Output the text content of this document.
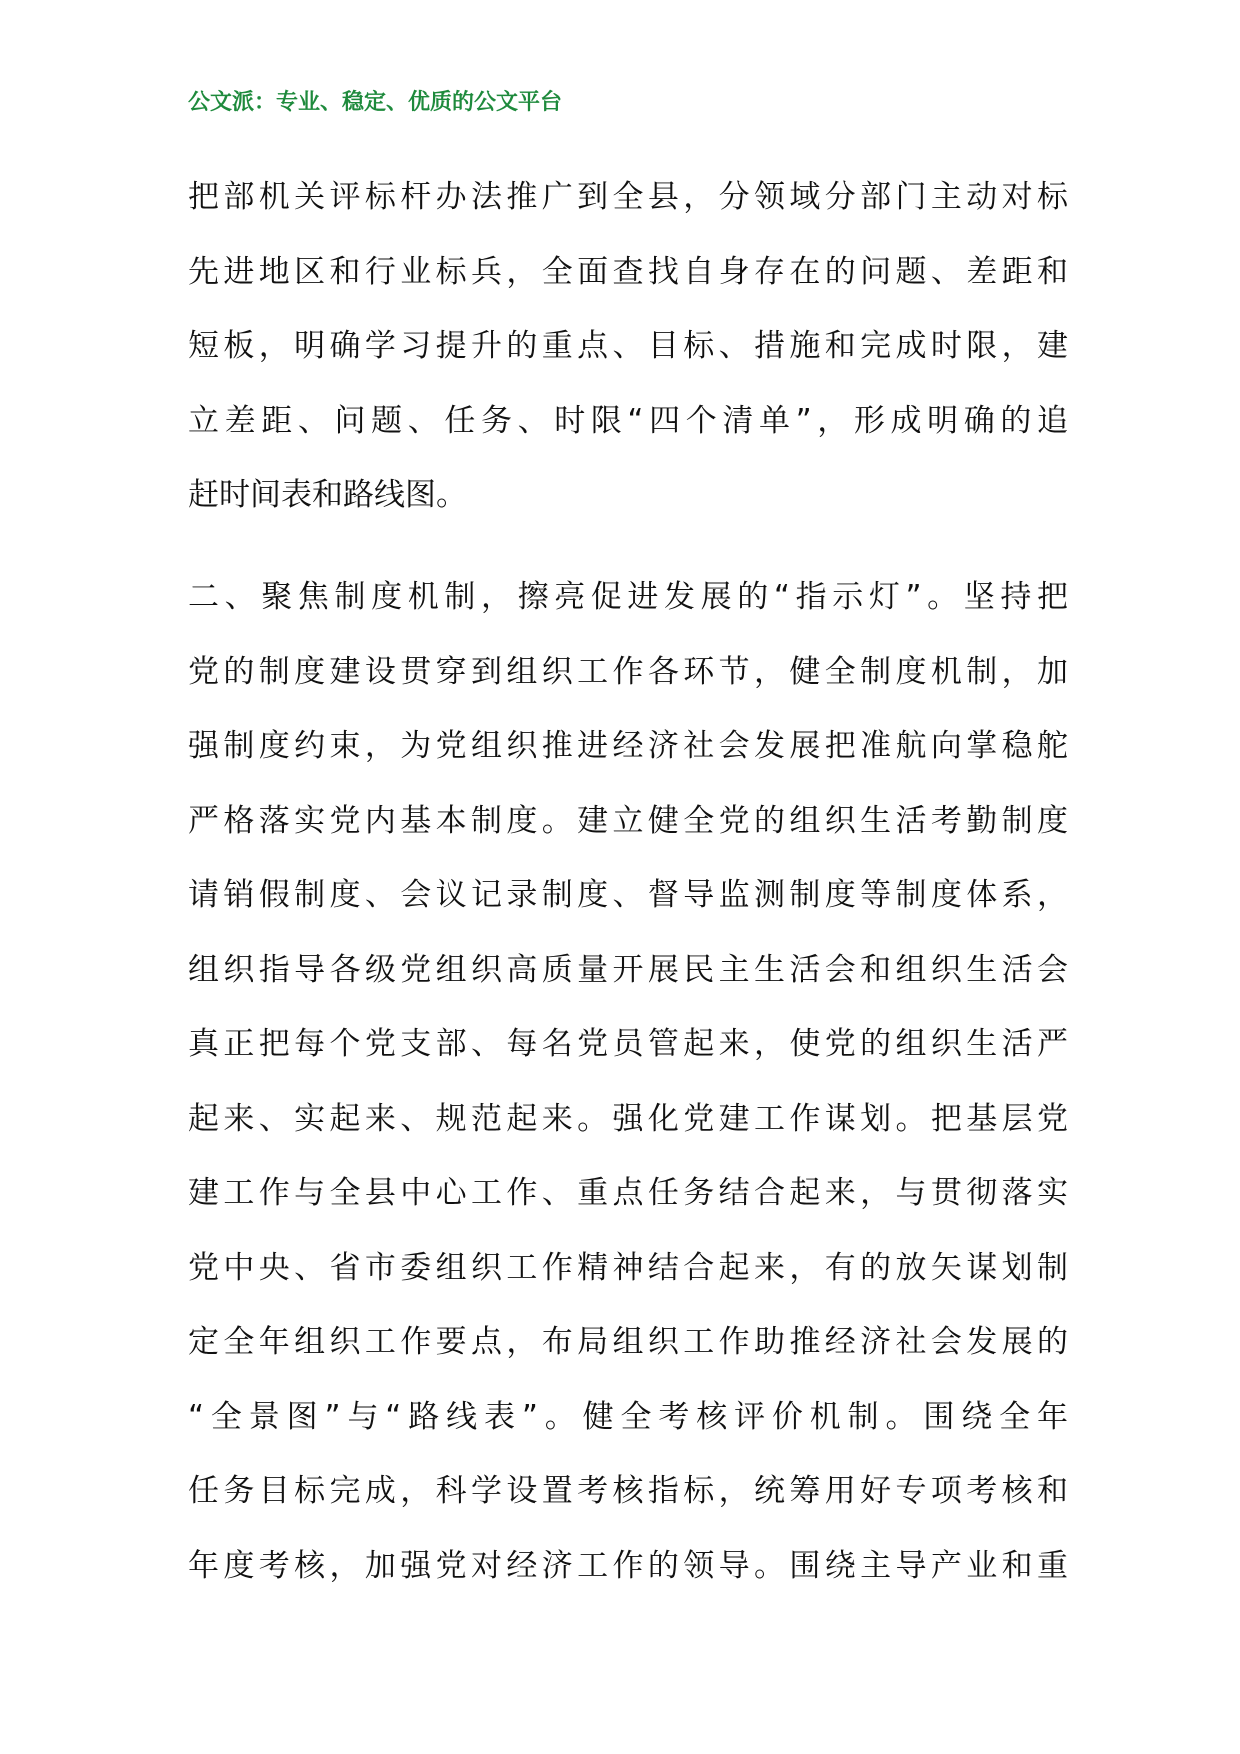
公文派：专业、稳定、优质的公文平台
把部机关评标杆办法推广到全县，分领域分部门主动对标
先进地区和行业标兵，全面查找自身存在的问题、差距和
短板，明确学习提升的重点、目标、措施和完成时限，建
立差距、问题、任务、时限“四个清单”，形成明确的追
赶时间表和路线图。
二、聚焦制度机制，擦亮促进发展的“指示灯”。坚持把
党的制度建设贯穿到组织工作各环节，健全制度机制，加
强制度约束，为党组织推进经济社会发展把准航向掌稳舵
严格落实党内基本制度。建立健全党的组织生活考勤制度
请销假制度、会议记录制度、督导监测制度等制度体系，
组织指导各级党组织高质量开展民主生活会和组织生活会
真正把每个党支部、每名党员管起来，使党的组织生活严
起来、实起来、规范起来。强化党建工作谋划。把基层党
建工作与全县中心工作、重点任务结合起来，与贯彻落实
党中央、省市委组织工作精神结合起来，有的放矢谋划制
定全年组织工作要点，布局组织工作助推经济社会发展的
“全景图”与“路线表”。健全考核评价机制。围绕全年
任务目标完成，科学设置考核指标，统筹用好专项考核和
年度考核，加强党对经济工作的领导。围绕主导产业和重
